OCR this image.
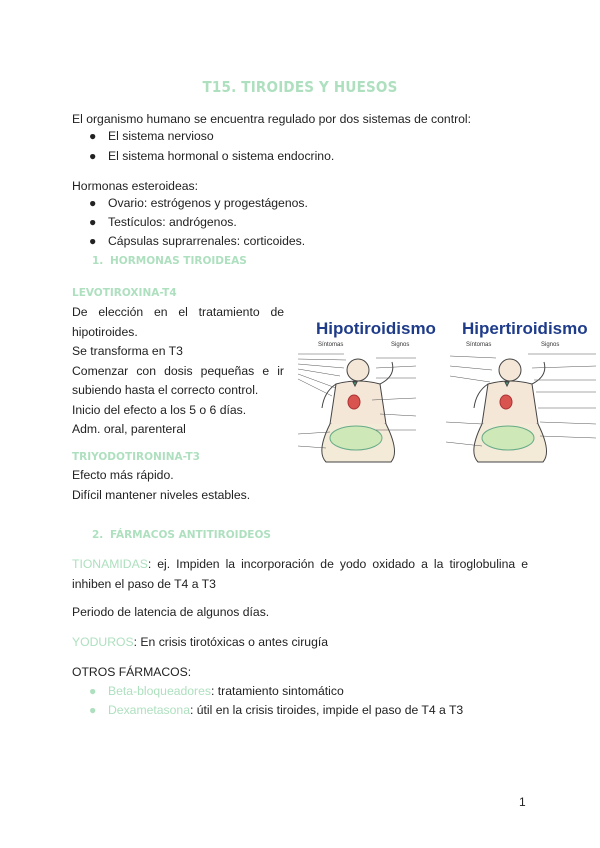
T15. TIROIDES Y HUESOS
El organismo humano se encuentra regulado por dos sistemas de control:
● El sistema nervioso
● El sistema hormonal o sistema endocrino.
Hormonas esteroideas:
● Ovario: estrógenos y progestágenos.
● Testículos: andrógenos.
● Cápsulas suprarrenales: corticoides.
1. HORMONAS TIROIDEAS
LEVOTIROXINA-T4
De elección en el tratamiento de
hipotiroides.
Se transforma en T3
Comenzar con dosis pequeñas e ir
subiendo hasta el correcto control.
Inicio del efecto a los 5 o 6 días.
Adm. oral, parenteral
TRIYODOTIRONINA-T3
Efecto más rápido.
Difícil mantener niveles estables.
Hipotiroidismo Hipertiroidismo
Síntomas	Signos	Síntomas	Signos
2. FÁRMACOS ANTITIROIDEOS
TIONAMIDAS: ej. Impiden la incorporación de yodo oxidado a la tiroglobulina e
inhiben el paso de T4 a T3
Periodo de latencia de algunos días.
YODUROS: En crisis tirotóxicas o antes cirugía
OTROS FÁRMACOS:
● Beta-bloqueadores: tratamiento sintomático
● Dexametasona: útil en la crisis tiroides, impide el paso de T4 a T3
1
